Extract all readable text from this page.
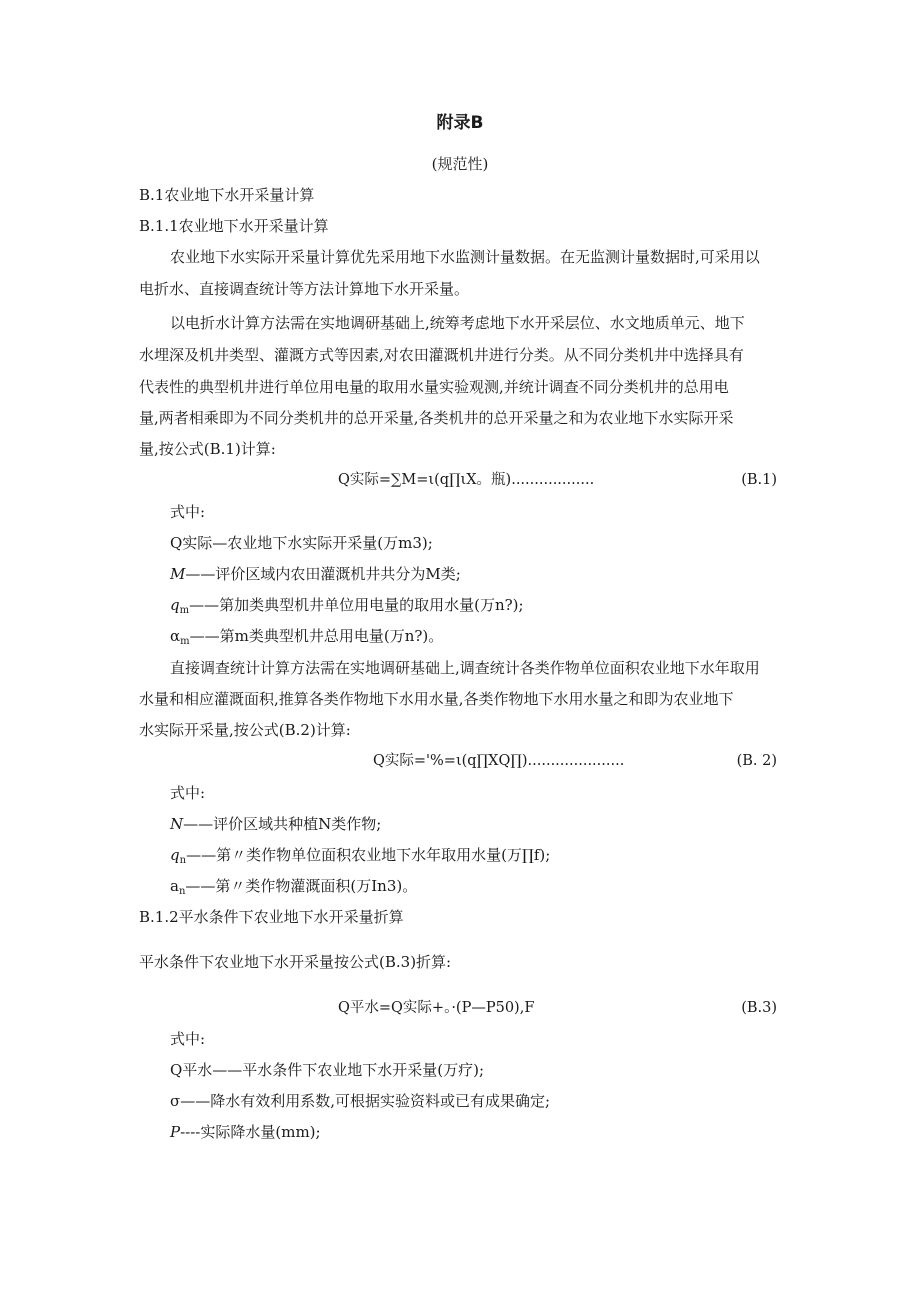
附录B
(规范性)
B.1农业地下水开采量计算
B.1.1农业地下水开采量计算
农业地下水实际开采量计算优先采用地下水监测计量数据。在无监测计量数据时,可采用以
电折水、直接调查统计等方法计算地下水开采量。
以电折水计算方法需在实地调研基础上,统筹考虑地下水开采层位、水文地质单元、地下
水埋深及机井类型、灌溉方式等因素,对农田灌溉机井进行分类。从不同分类机井中选择具有
代表性的典型机井进行单位用电量的取用水量实验观测,并统计调查不同分类机井的总用电
量,两者相乘即为不同分类机井的总开采量,各类机井的总开采量之和为农业地下水实际开采
量,按公式(B.1)计算:
Q实际=∑M=ι(q∏ιX。瓶)..................	(B.1)
式中:
Q实际—农业地下水实际开采量(万m3);
M——评价区域内农田灌溉机井共分为M类;
$q_m——$第加类典型机井单位用电量的取用水量(万n?);
$\alpha_m——$第m类典型机井总用电量(万n?)。
直接调查统计计算方法需在实地调研基础上,调查统计各类作物单位面积农业地下水年取用
水量和相应灌溉面积,推算各类作物地下水用水量,各类作物地下水用水量之和即为农业地下
水实际开采量,按公式(B.2)计算:
Q实际='%=ι(q∏XQ∏).....................	(B. 2)
式中:
N——评价区域共种植N类作物;
$q_n——$第〃类作物单位面积农业地下水年取用水量(万∏f);
$a_n——$第〃类作物灌溉面积(万In3)。
B.1.2平水条件下农业地下水开采量折算
平水条件下农业地下水开采量按公式(B.3)折算:
Q平水=Q实际+。·(P—P50),F	(B.3)
式中:
Q平水——平水条件下农业地下水开采量(万疗);
σ——降水有效利用系数,可根据实验资料或已有成果确定;
P----实际降水量(mm);
